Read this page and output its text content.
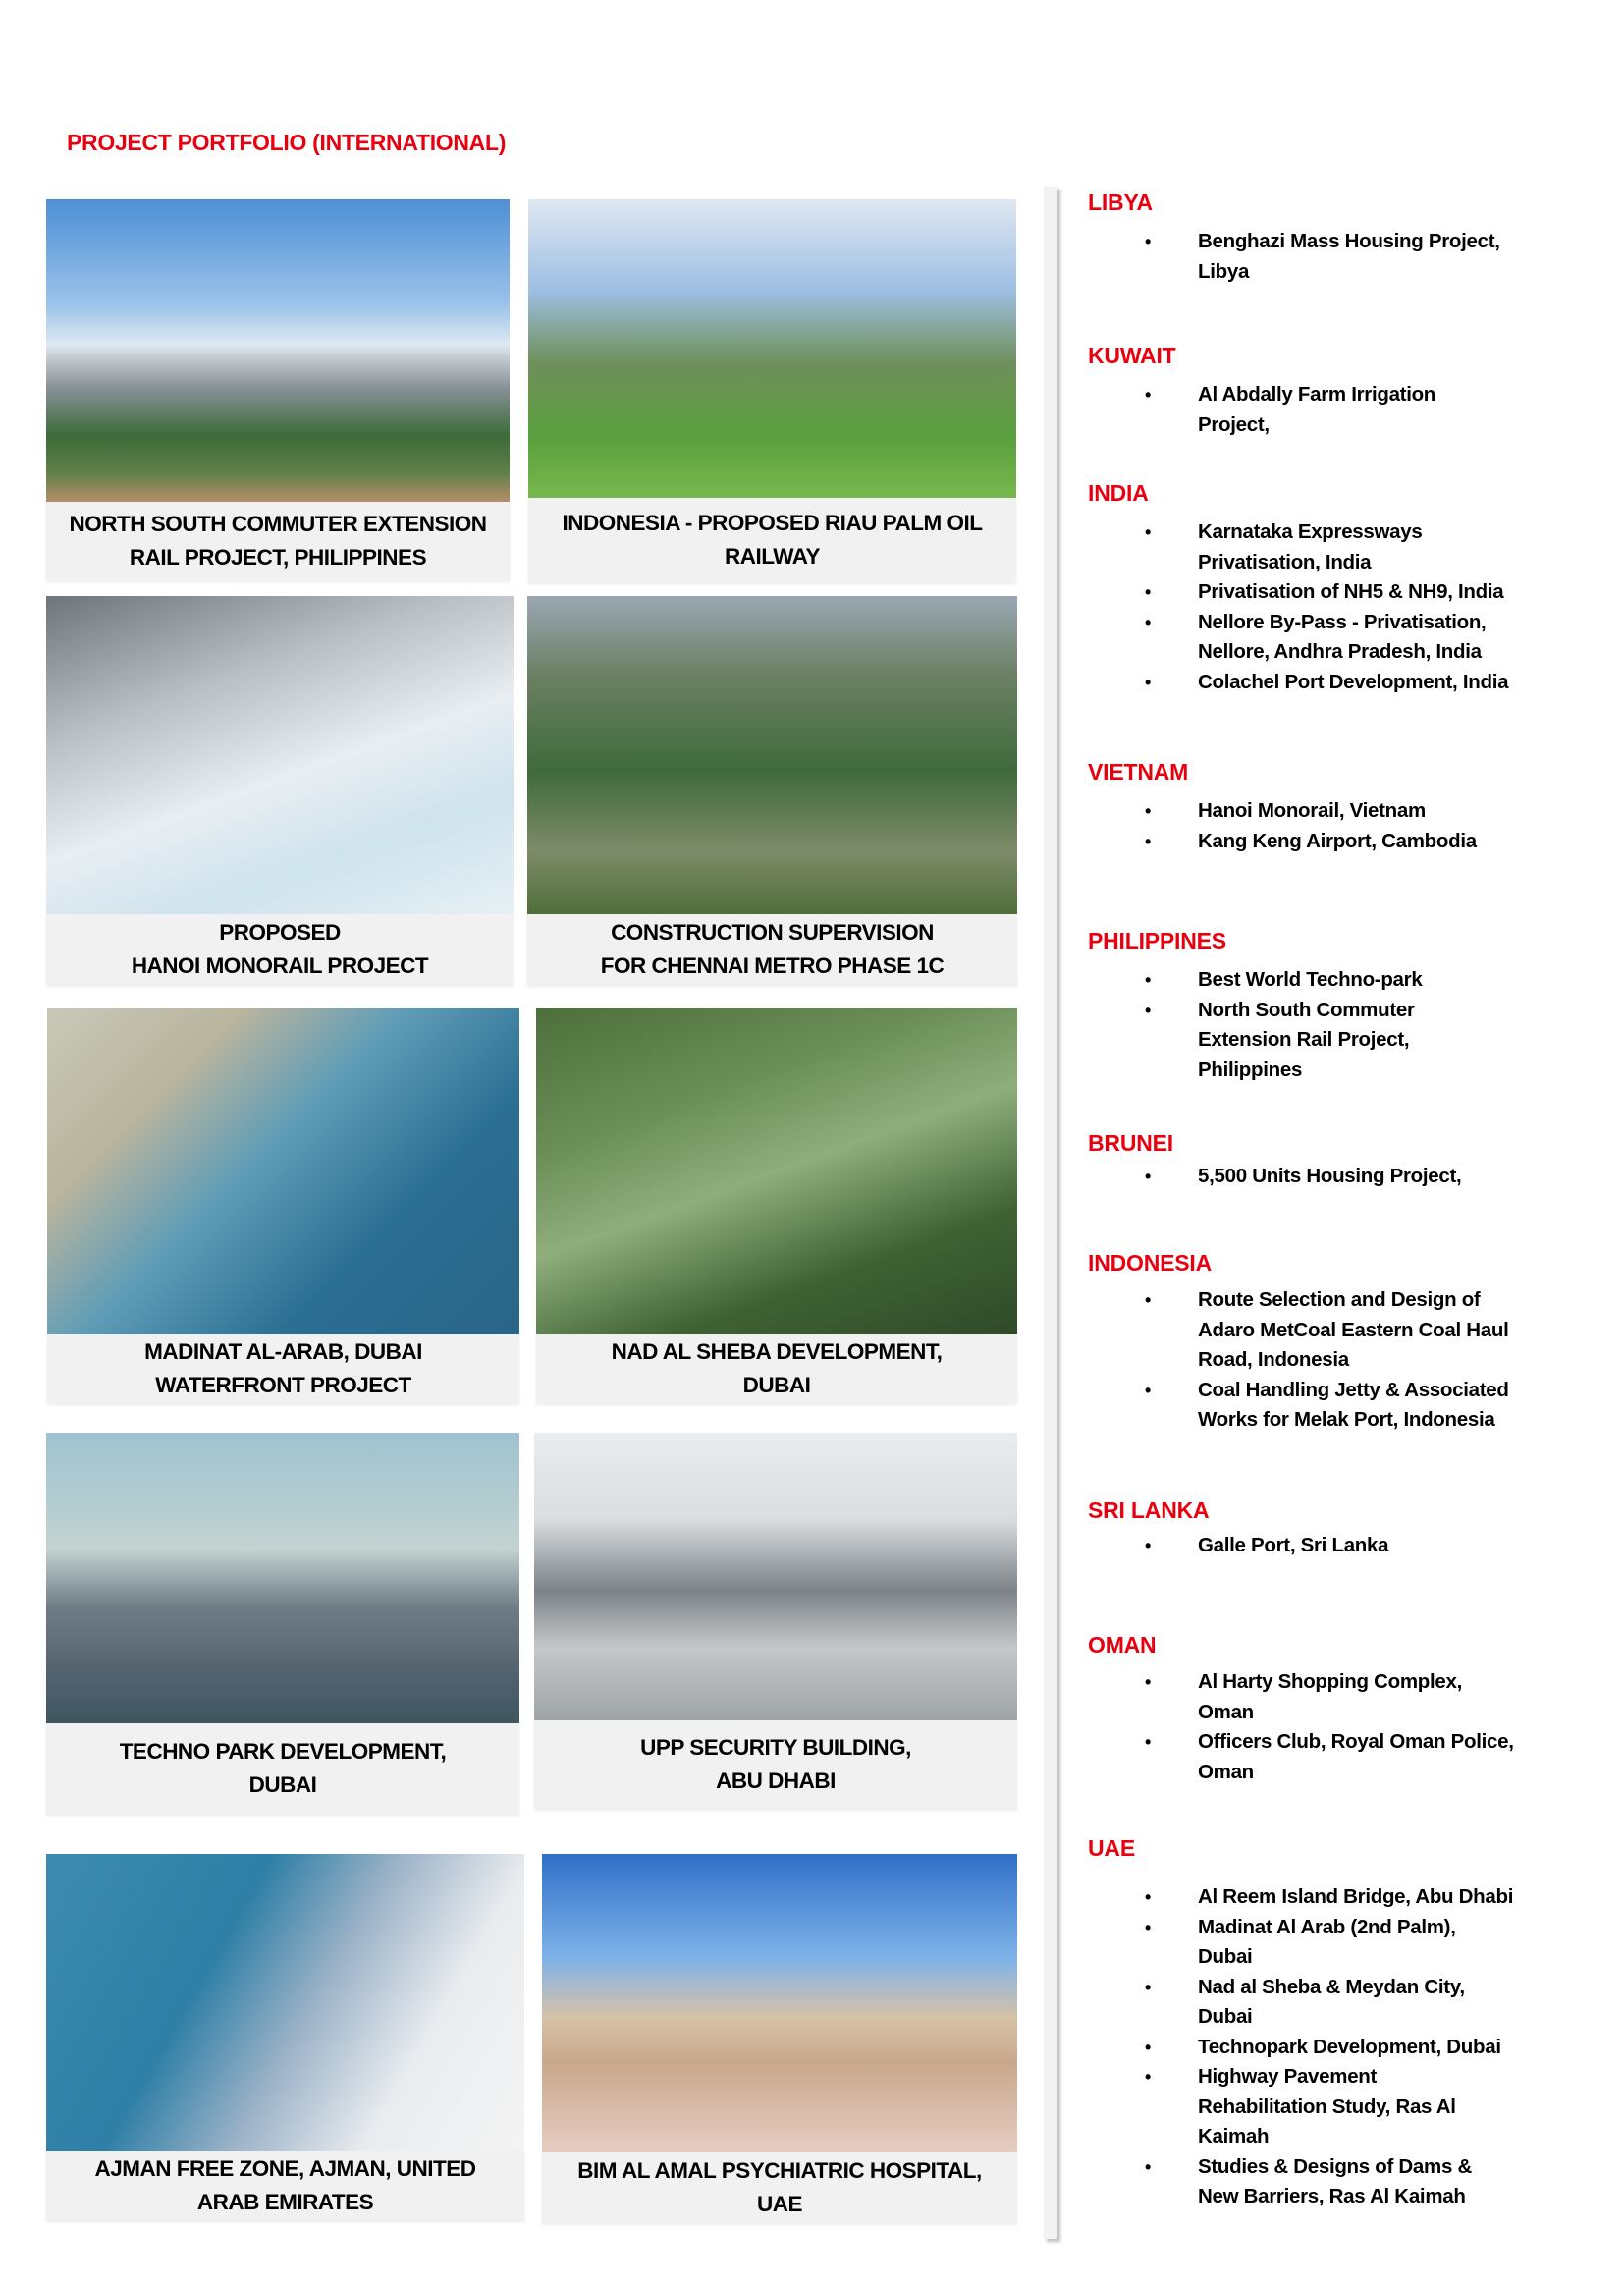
PROJECT PORTFOLIO (INTERNATIONAL)
NORTH SOUTH COMMUTER EXTENSION
RAIL PROJECT, PHILIPPINES
INDONESIA - PROPOSED RIAU PALM OIL
RAILWAY
PROPOSED
HANOI MONORAIL PROJECT
CONSTRUCTION SUPERVISION
FOR CHENNAI METRO PHASE 1C
MADINAT AL-ARAB, DUBAI
WATERFRONT PROJECT
NAD AL SHEBA DEVELOPMENT,
DUBAI
TECHNO PARK DEVELOPMENT,
DUBAI
UPP SECURITY BUILDING,
ABU DHABI
AJMAN FREE ZONE, AJMAN, UNITED
ARAB EMIRATES
BIM AL AMAL PSYCHIATRIC HOSPITAL,
UAE
LIBYA
• Benghazi Mass Housing Project,
Libya
KUWAIT
• Al Abdally Farm Irrigation
Project,
INDIA
• Karnataka Expressways
Privatisation, India
• Privatisation of NH5 & NH9, India
• Nellore By-Pass - Privatisation,
Nellore, Andhra Pradesh, India
• Colachel Port Development, India
VIETNAM
• Hanoi Monorail, Vietnam
• Kang Keng Airport, Cambodia
PHILIPPINES
• Best World Techno-park
• North South Commuter
Extension Rail Project,
Philippines
BRUNEI
• 5,500 Units Housing Project,
INDONESIA
• Route Selection and Design of
Adaro MetCoal Eastern Coal Haul
Road, Indonesia
• Coal Handling Jetty & Associated
Works for Melak Port, Indonesia
SRI LANKA
• Galle Port, Sri Lanka
OMAN
• Al Harty Shopping Complex,
Oman
• Officers Club, Royal Oman Police,
Oman
UAE
• Al Reem Island Bridge, Abu Dhabi
• Madinat Al Arab (2nd Palm),
Dubai
• Nad al Sheba & Meydan City,
Dubai
• Technopark Development, Dubai
• Highway Pavement
Rehabilitation Study, Ras Al
Kaimah
• Studies & Designs of Dams &
New Barriers, Ras Al Kaimah
